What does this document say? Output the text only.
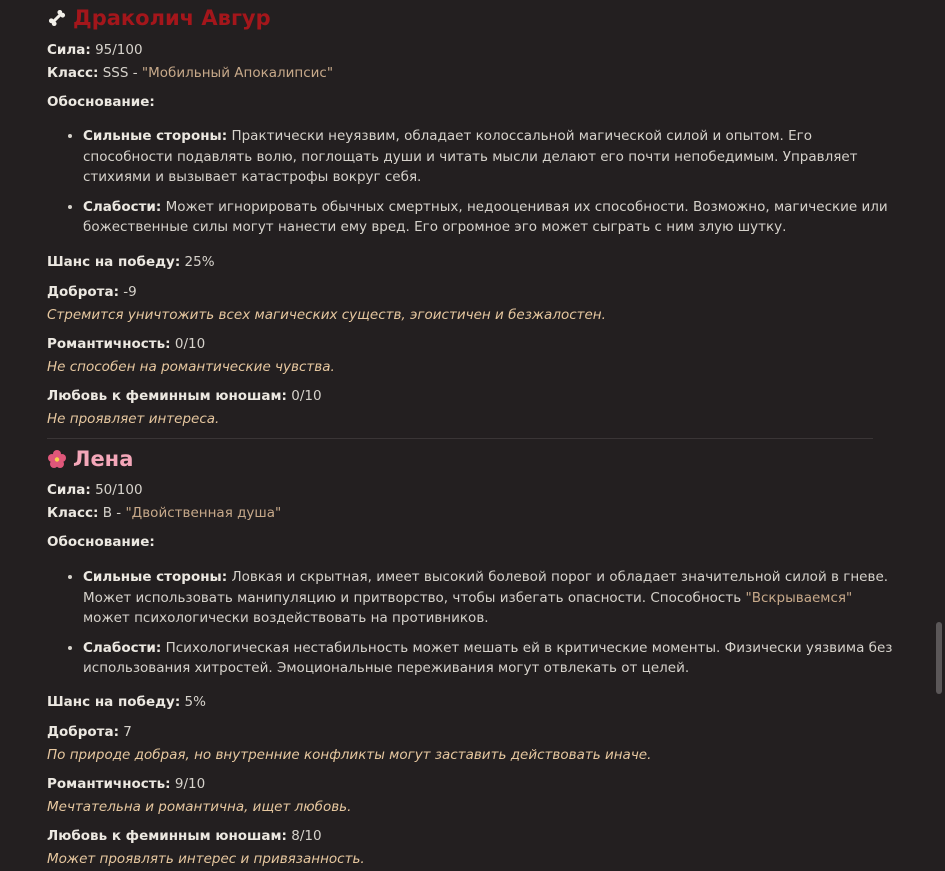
Драколич Авгур

Сила: 95/100

Класс: SSS - "Мобильный Апокалипсис"

Обоснование:

• Сильные стороны: Практически неуязвим, обладает колоссальной магической силой и опытом. Его способности подавлять волю, поглощать души и читать мысли делают его почти непобедимым. Управляет стихиями и вызывает катастрофы вокруг себя.
• Слабости: Может игнорировать обычных смертных, недооценивая их способности. Возможно, магические или божественные силы могут нанести ему вред. Его огромное эго может сыграть с ним злую шутку.

Шанс на победу: 25%

Доброта: -9

Стремится уничтожить всех магических существ, эгоистичен и безжалостен.

Романтичность: 0/10

Не способен на романтические чувства.

Любовь к феминным юношам: 0/10

Не проявляет интереса.

Лена

Сила: 50/100

Класс: B - "Двойственная душа"

Обоснование:

• Сильные стороны: Ловкая и скрытная, имеет высокий болевой порог и обладает значительной силой в гневе. Может использовать манипуляцию и притворство, чтобы избегать опасности. Способность "Вскрываемся" может психологически воздействовать на противников.
• Слабости: Психологическая нестабильность может мешать ей в критические моменты. Физически уязвима без использования хитростей. Эмоциональные переживания могут отвлекать от целей.

Шанс на победу: 5%

Доброта: 7

По природе добрая, но внутренние конфликты могут заставить действовать иначе.

Романтичность: 9/10

Мечтательна и романтична, ищет любовь.

Любовь к феминным юношам: 8/10

Может проявлять интерес и привязанность.
